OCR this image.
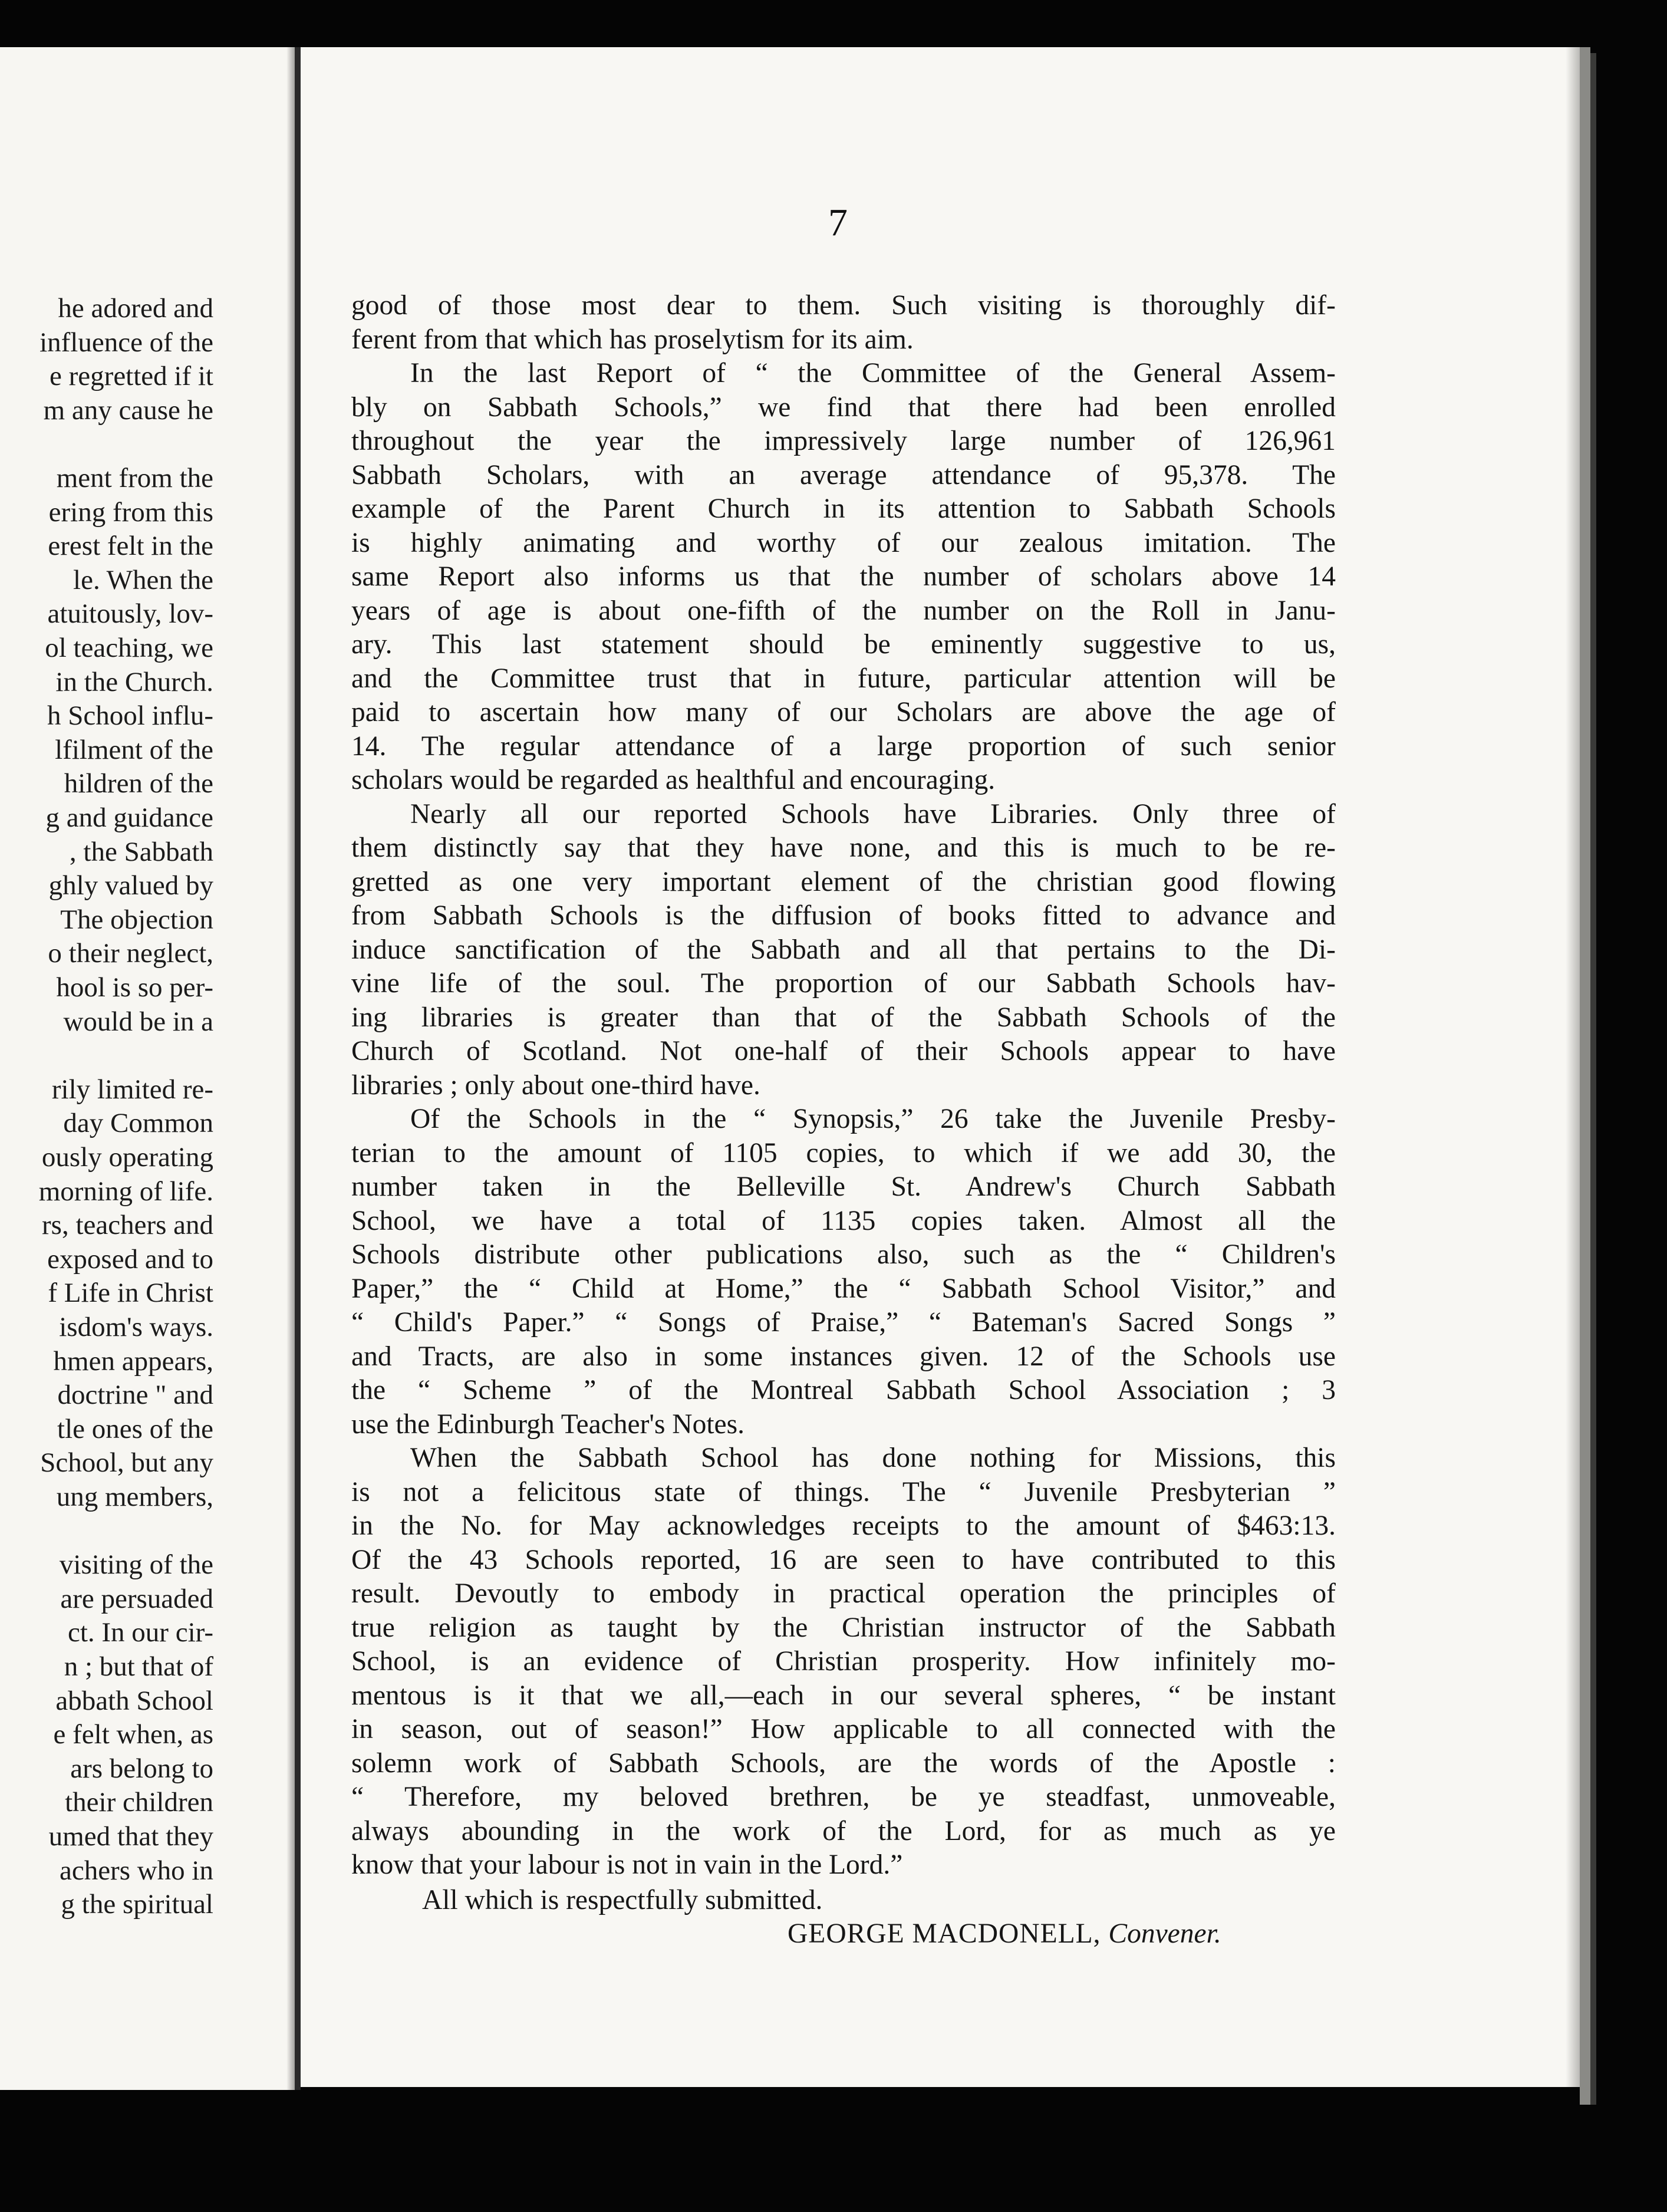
he adored and
influence of the
e regretted if it
m any cause he
ment from the
ering from this
erest felt in the
le. When the
atuitously, lov-
ol teaching, we
in the Church.
h School influ-
lfilment of the
hildren of the
g and guidance
, the Sabbath
ghly valued by
The objection
o their neglect,
hool is so per-
would be in a
rily limited re-
day Common
ously operating
morning of life.
rs, teachers and
exposed and to
f Life in Christ
isdom's ways.
hmen appears,
doctrine " and
tle ones of the
School, but any
ung members,
visiting of the
are persuaded
ct. In our cir-
n ; but that of
abbath School
e felt when, as
ars belong to
their children
umed that they
achers who in
g the spiritual
7

good of those most dear to them. Such visiting is thoroughly dif-
ferent from that which has proselytism for its aim.

In the last Report of “ the Committee of the General Assem-
bly on Sabbath Schools,” we find that there had been enrolled
throughout the year the impressively large number of 126,961
Sabbath Scholars, with an average attendance of 95,378. The
example of the Parent Church in its attention to Sabbath Schools
is highly animating and worthy of our zealous imitation. The
same Report also informs us that the number of scholars above 14
years of age is about one-fifth of the number on the Roll in Janu-
ary. This last statement should be eminently suggestive to us,
and the Committee trust that in future, particular attention will be
paid to ascertain how many of our Scholars are above the age of
14. The regular attendance of a large proportion of such senior
scholars would be regarded as healthful and encouraging.

Nearly all our reported Schools have Libraries. Only three of
them distinctly say that they have none, and this is much to be re-
gretted as one very important element of the christian good flowing
from Sabbath Schools is the diffusion of books fitted to advance and
induce sanctification of the Sabbath and all that pertains to the Di-
vine life of the soul. The proportion of our Sabbath Schools hav-
ing libraries is greater than that of the Sabbath Schools of the
Church of Scotland. Not one-half of their Schools appear to have
libraries ; only about one-third have.

Of the Schools in the “ Synopsis,” 26 take the Juvenile Presby-
terian to the amount of 1105 copies, to which if we add 30, the
number taken in the Belleville St. Andrew's Church Sabbath
School, we have a total of 1135 copies taken. Almost all the
Schools distribute other publications also, such as the “ Children's
Paper,” the “ Child at Home,” the “ Sabbath School Visitor,” and
“ Child's Paper.” “ Songs of Praise,” “ Bateman's Sacred Songs ”
and Tracts, are also in some instances given. 12 of the Schools use
the “ Scheme ” of the Montreal Sabbath School Association ; 3
use the Edinburgh Teacher's Notes.

When the Sabbath School has done nothing for Missions, this
is not a felicitous state of things. The “ Juvenile Presbyterian ”
in the No. for May acknowledges receipts to the amount of $463:13.
Of the 43 Schools reported, 16 are seen to have contributed to this
result. Devoutly to embody in practical operation the principles of
true religion as taught by the Christian instructor of the Sabbath
School, is an evidence of Christian prosperity. How infinitely mo-
mentous is it that we all,—each in our several spheres, “ be instant
in season, out of season!” How applicable to all connected with the
solemn work of Sabbath Schools, are the words of the Apostle :
“ Therefore, my beloved brethren, be ye steadfast, unmoveable,
always abounding in the work of the Lord, for as much as ye
know that your labour is not in vain in the Lord.”

All which is respectfully submitted.
GEORGE MACDONELL, Convener.
